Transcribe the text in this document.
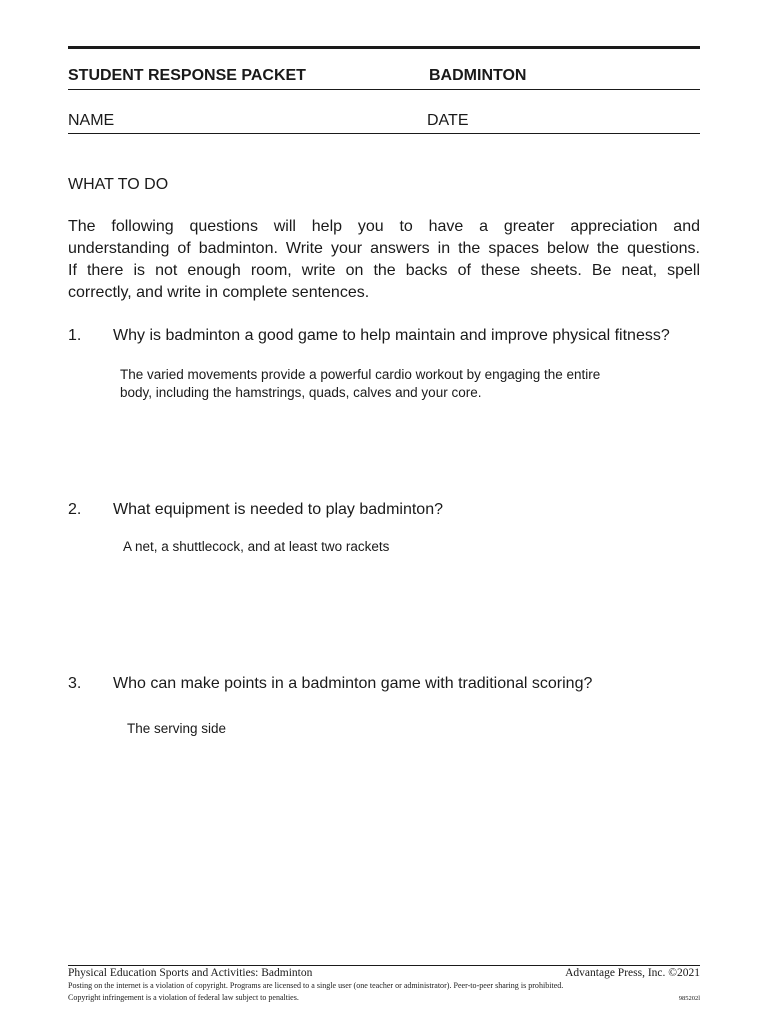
STUDENT RESPONSE PACKET	BADMINTON
NAME	DATE
WHAT TO DO
The following questions will help you to have a greater appreciation and
understanding of badminton. Write your answers in the spaces below the questions.
If there is not enough room, write on the backs of these sheets. Be neat, spell
correctly, and write in complete sentences.
1. Why is badminton a good game to help maintain and improve physical fitness?
The varied movements provide a powerful cardio workout by engaging the entire
body, including the hamstrings, quads, calves and your core.
2. What equipment is needed to play badminton?
A net, a shuttlecock, and at least two rackets
3. Who can make points in a badminton game with traditional scoring?
The serving side
Physical Education Sports and Activities: Badminton	Advantage Press, Inc. ©2021
Posting on the internet is a violation of copyright. Programs are licensed to a single user (one teacher or administrator). Peer-to-peer sharing is prohibited.
Copyright infringement is a violation of federal law subject to penalties.	985202l
